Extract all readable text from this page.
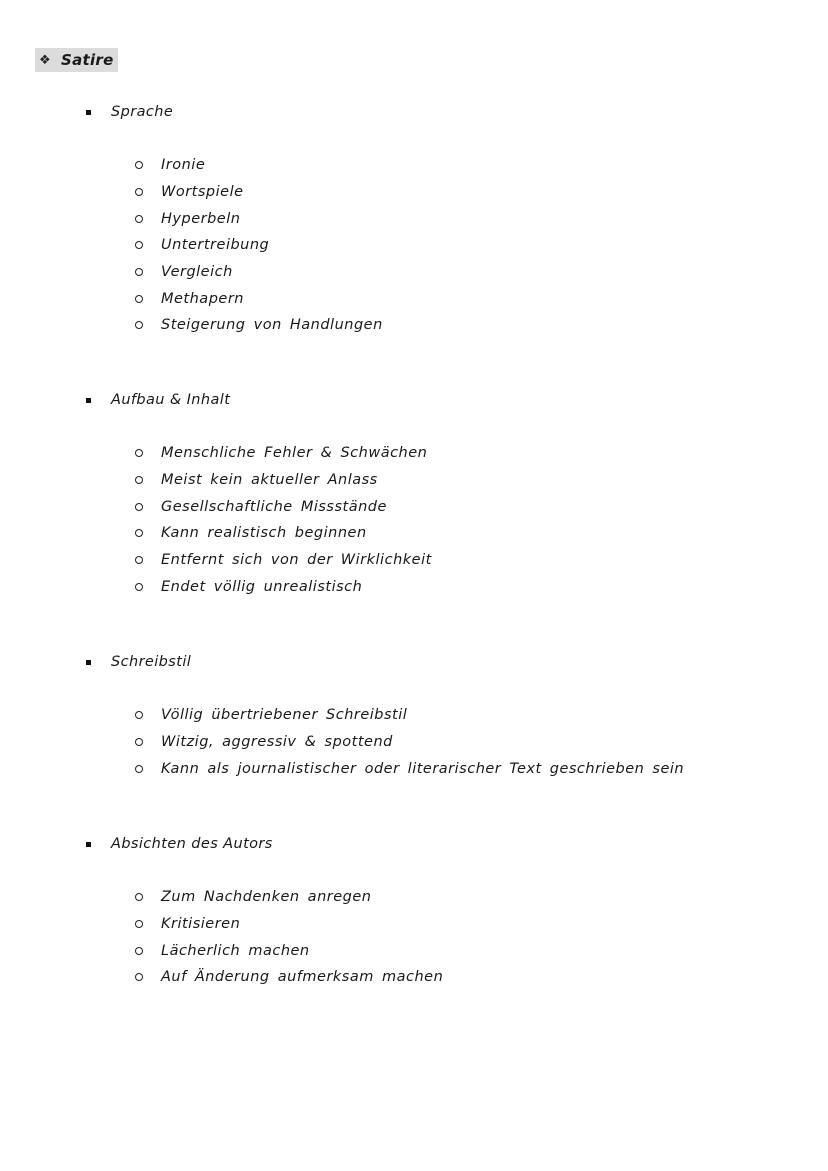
❖ Satire
Sprache
Ironie
Wortspiele
Hyperbeln
Untertreibung
Vergleich
Methapern
Steigerung von Handlungen
Aufbau & Inhalt
Menschliche Fehler & Schwächen
Meist kein aktueller Anlass
Gesellschaftliche Missstände
Kann realistisch beginnen
Entfernt sich von der Wirklichkeit
Endet völlig unrealistisch
Schreibstil
Völlig übertriebener Schreibstil
Witzig, aggressiv & spottend
Kann als journalistischer oder literarischer Text geschrieben sein
Absichten des Autors
Zum Nachdenken anregen
Kritisieren
Lächerlich machen
Auf Änderung aufmerksam machen
